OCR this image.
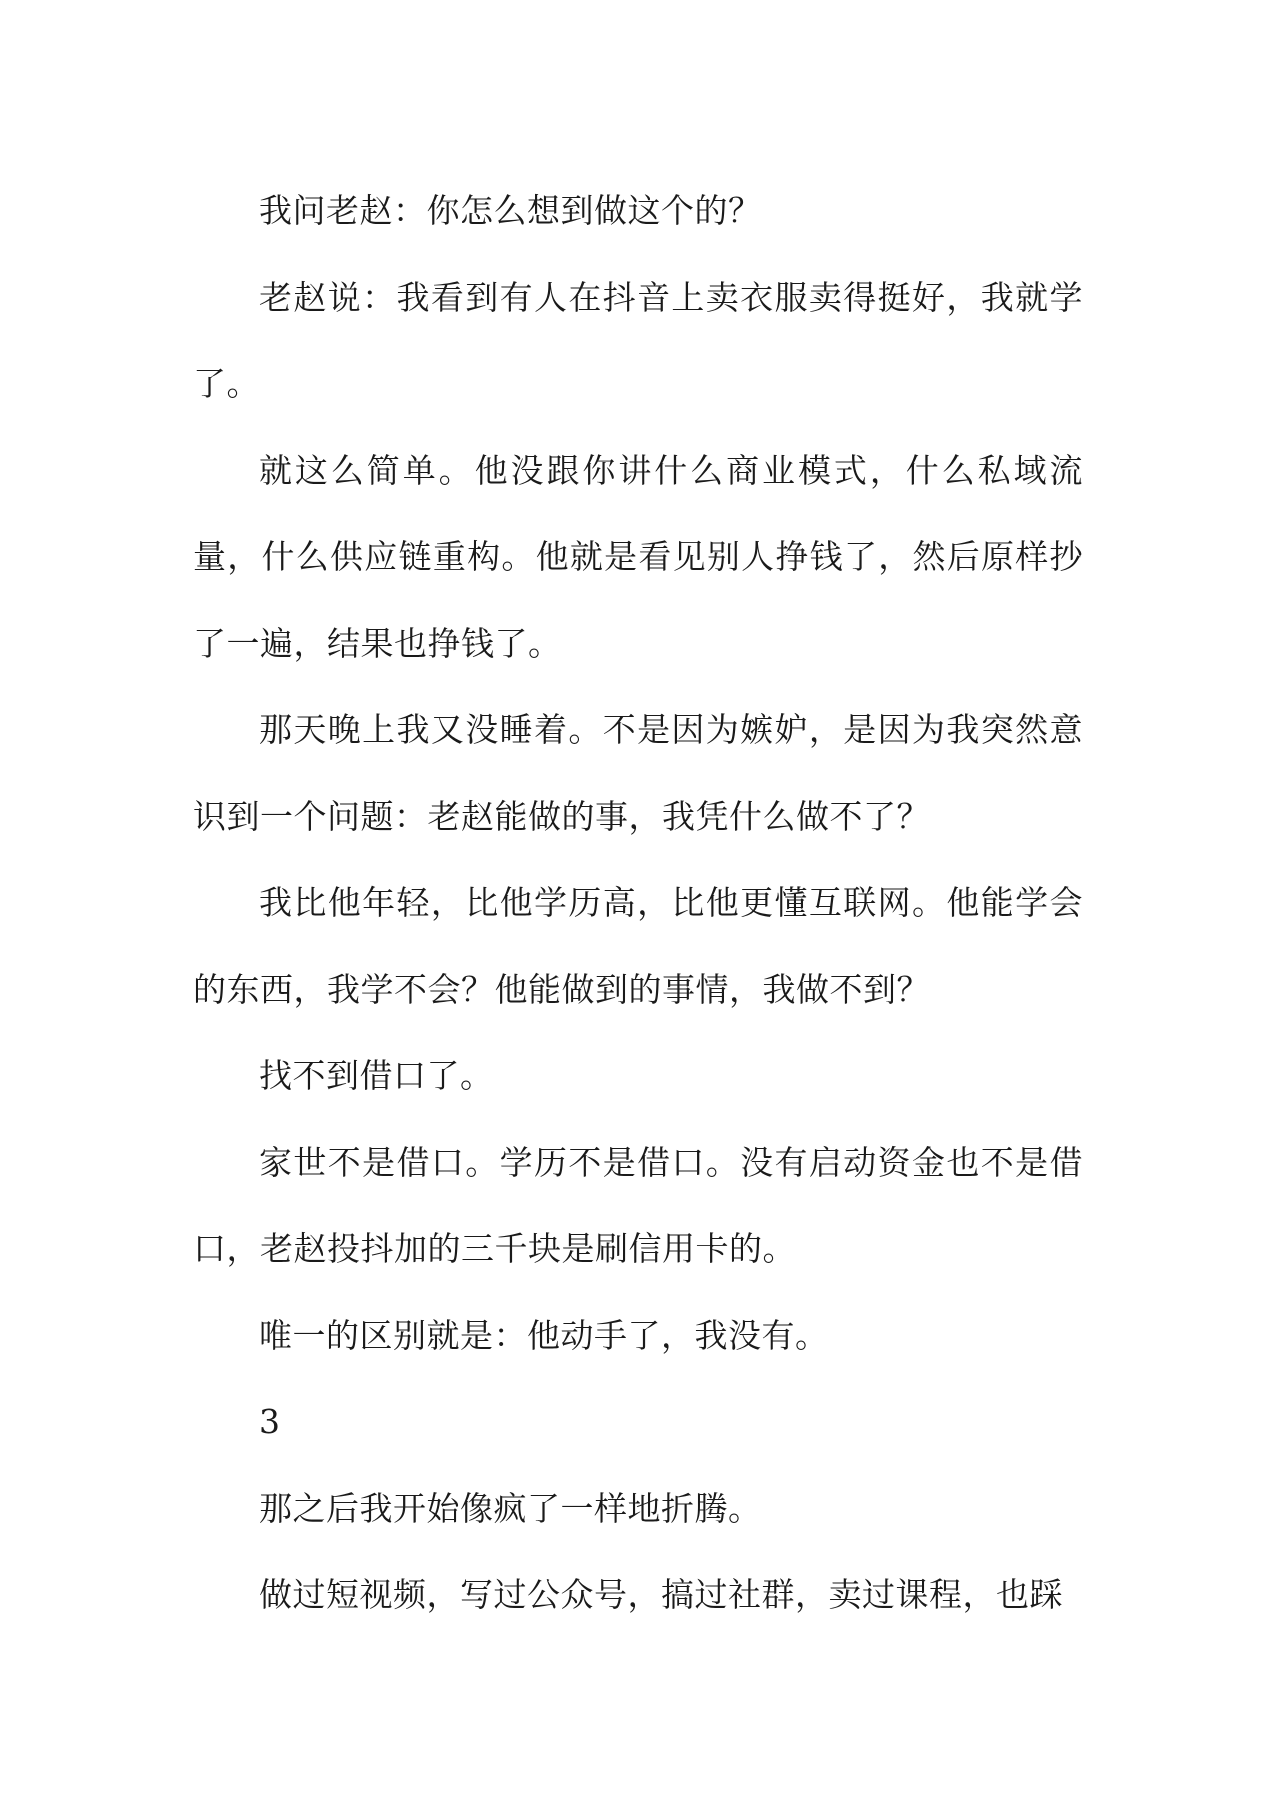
我问老赵：你怎么想到做这个的？

老赵说：我看到有人在抖音上卖衣服卖得挺好，我就学了。

就这么简单。他没跟你讲什么商业模式，什么私域流量，什么供应链重构。他就是看见别人挣钱了，然后原样抄了一遍，结果也挣钱了。

那天晚上我又没睡着。不是因为嫉妒，是因为我突然意识到一个问题：老赵能做的事，我凭什么做不了？

我比他年轻，比他学历高，比他更懂互联网。他能学会的东西，我学不会？他能做到的事情，我做不到？

找不到借口了。

家世不是借口。学历不是借口。没有启动资金也不是借口，老赵投抖加的三千块是刷信用卡的。

唯一的区别就是：他动手了，我没有。

3

那之后我开始像疯了一样地折腾。

做过短视频，写过公众号，搞过社群，卖过课程，也踩
